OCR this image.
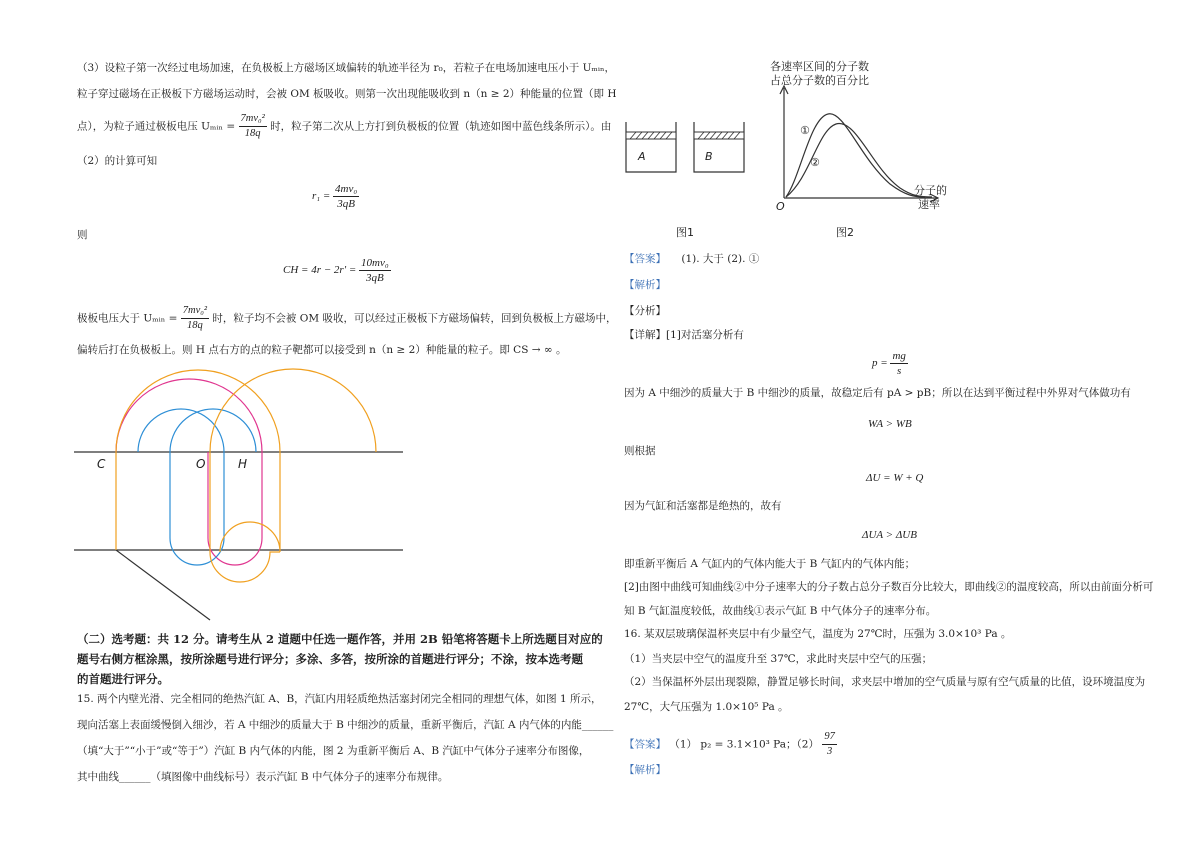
（3）设粒子第一次经过电场加速，在负极板上方磁场区域偏转的轨迹半径为 r₀，若粒子在电场加速电压小于 Uₘᵢₙ，
粒子穿过磁场在正极板下方磁场运动时，会被 OM 板吸收。则第一次出现能吸收到 n（n ≥ 2）种能量的位置（即 H
点），为粒子通过极板电压 Uₘᵢₙ = $\frac{\text{7mv₀²}}{18q}$ 时，粒子第二次从上方打到负极板的位置（轨迹如图中蓝色线条所示）。由
（2）的计算可知
$r_1 = \frac{\text{4mv₀}}{3qB}$
则
CH = $4r - 2r' = \frac{\text{10mv₀}}{3qB}$
极板电压大于 Uₘᵢₙ = $\frac{\text{7mv₀²}}{18q}$ 时，粒子均不会被 OM 吸收，可以经过正极板下方磁场偏转，回到负极板上方磁场中，
偏转后打在负极板上。则 H 点右方的点的粒子靶都可以接受到 n（n ≥ 2）种能量的粒子。即 CS → ∞ 。
C	O	H
（二）选考题：共 12 分。请考生从 2 道题中任选一题作答，并用 2B 铅笔将答题卡上所选题目对应的
题号右侧方框涂黑，按所涂题号进行评分；多涂、多答，按所涂的首题进行评分；不涂，按本选考题
的首题进行评分。
15. 两个内壁光滑、完全相同的绝热汽缸 A、B，汽缸内用轻质绝热活塞封闭完全相同的理想气体，如图 1 所示，
现向活塞上表面缓慢倒入细沙，若 A 中细沙的质量大于 B 中细沙的质量，重新平衡后，汽缸 A 内气体的内能______
（填“大于”“小于”或“等于”）汽缸 B 内气体的内能，图 2 为重新平衡后 A、B 汽缸中气体分子速率分布图像，
其中曲线______（填图像中曲线标号）表示汽缸 B 中气体分子的速率分布规律。
A	B
图1
各速率区间的分子数
占总分子数的百分比
O
分子的
速率
①
②
图2
【答案】 (1). 大于 (2). ①
【解析】
【分析】
【详解】[1]对活塞分析有
$p = \frac{mg}{s}$
因为 A 中细沙的质量大于 B 中细沙的质量，故稳定后有 pA > pB；所以在达到平衡过程中外界对气体做功有
WA > WB
则根据
ΔU = W + Q
因为气缸和活塞都是绝热的，故有
ΔUA > ΔUB
即重新平衡后 A 气缸内的气体内能大于 B 气缸内的气体内能；
[2]由图中曲线可知曲线②中分子速率大的分子数占总分子数百分比较大，即曲线②的温度较高，所以由前面分析可
知 B 气缸温度较低，故曲线①表示气缸 B 中气体分子的速率分布。
16. 某双层玻璃保温杯夹层中有少量空气，温度为 27℃时，压强为 3.0×10³ Pa 。
（1）当夹层中空气的温度升至 37℃，求此时夹层中空气的压强；
（2）当保温杯外层出现裂隙，静置足够长时间，求夹层中增加的空气质量与原有空气质量的比值，设环境温度为
27℃，大气压强为 1.0×10⁵ Pa 。
【答案】 （1） p₂ = 3.1×10³ Pa；$(2) \frac{97}{3}$
【解析】
